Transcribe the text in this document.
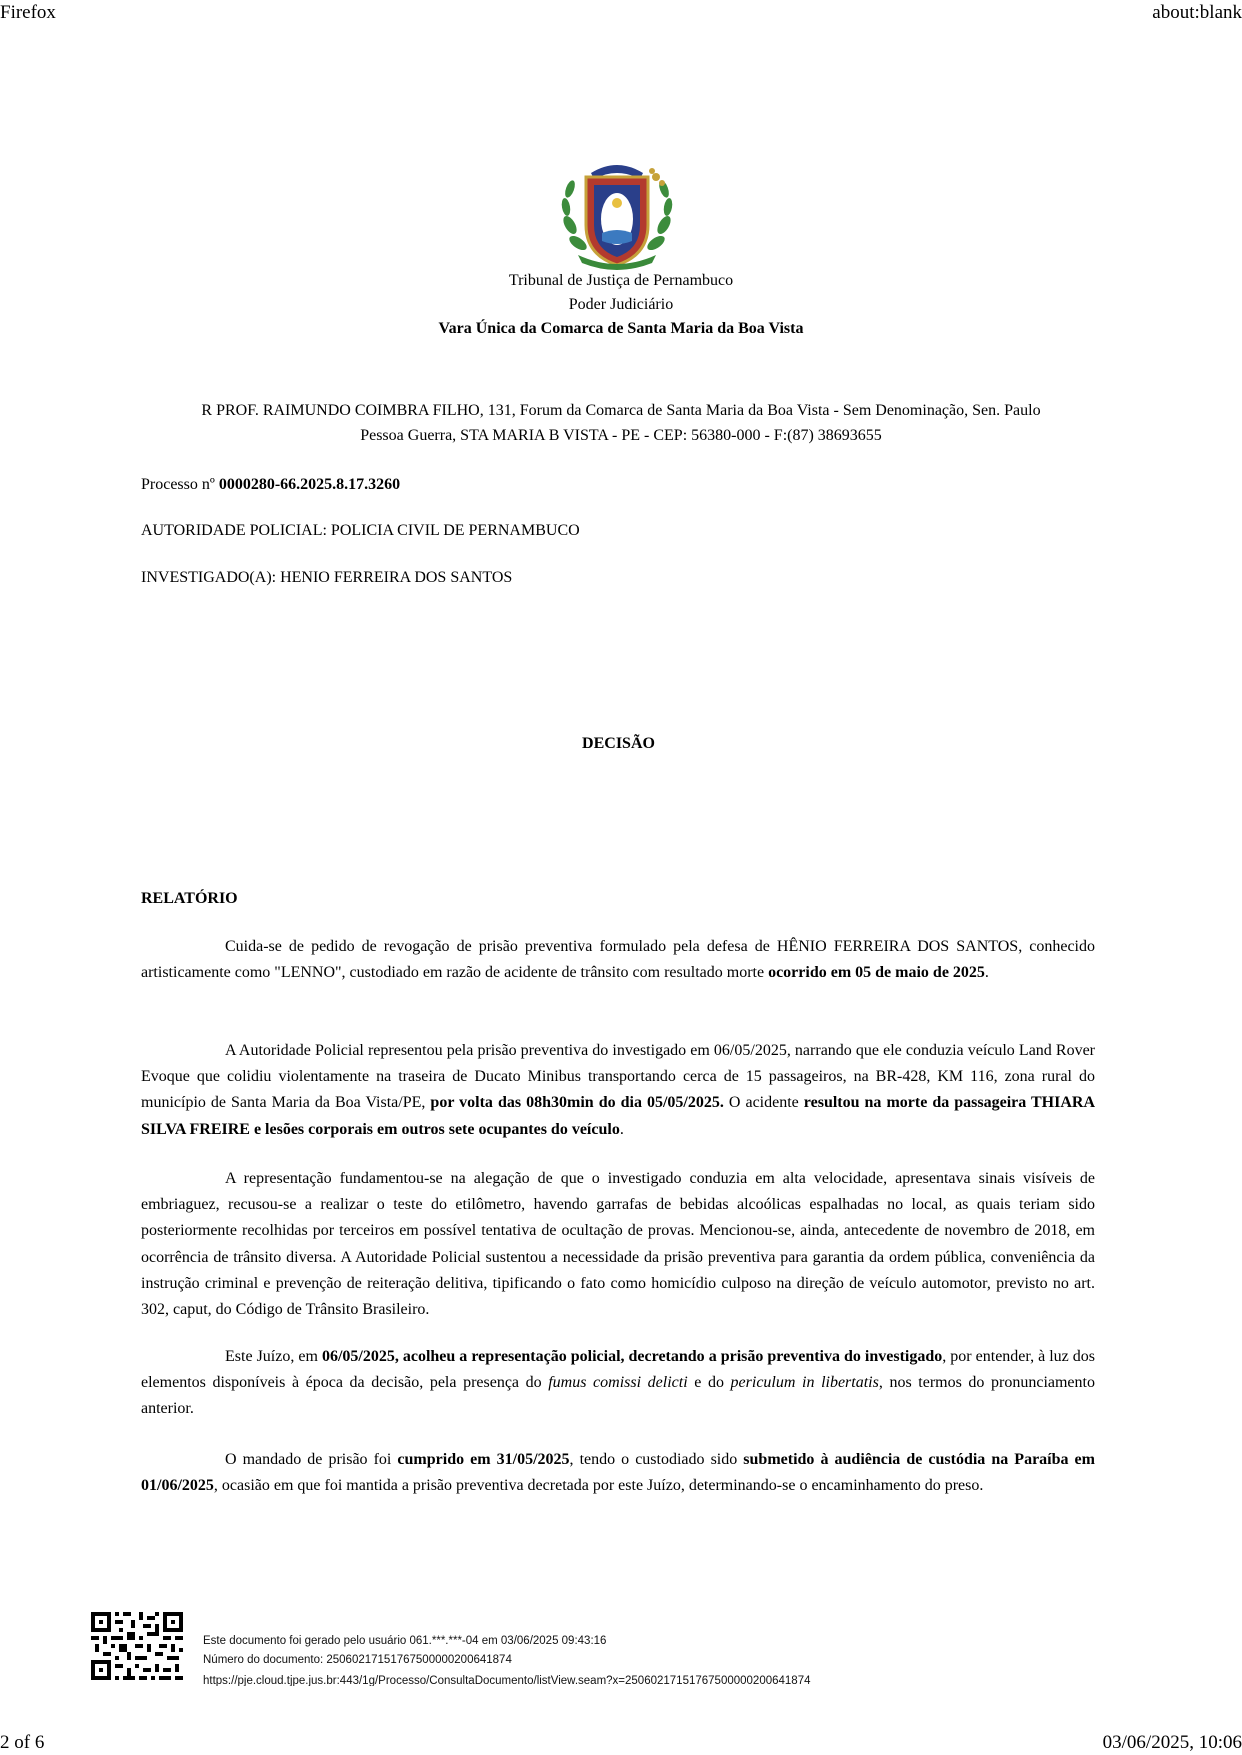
Firefox	about:blank
2 of 6	03/06/2025, 10:06
Tribunal de Justiça de Pernambuco
Poder Judiciário
Vara Única da Comarca de Santa Maria da Boa Vista
R PROF. RAIMUNDO COIMBRA FILHO, 131, Forum da Comarca de Santa Maria da Boa Vista - Sem Denominação, Sen. Paulo
Pessoa Guerra, STA MARIA B VISTA - PE - CEP: 56380-000 - F:(87) 38693655
Processo nº 0000280-66.2025.8.17.3260
AUTORIDADE POLICIAL: POLICIA CIVIL DE PERNAMBUCO
INVESTIGADO(A): HENIO FERREIRA DOS SANTOS
DECISÃO
RELATÓRIO
Cuida-se de pedido de revogação de prisão preventiva formulado pela defesa de HÊNIO FERREIRA DOS SANTOS, conhecido artisticamente como "LENNO", custodiado em razão de acidente de trânsito com resultado morte ocorrido em 05 de maio de 2025.
A Autoridade Policial representou pela prisão preventiva do investigado em 06/05/2025, narrando que ele conduzia veículo Land Rover Evoque que colidiu violentamente na traseira de Ducato Minibus transportando cerca de 15 passageiros, na BR-428, KM 116, zona rural do município de Santa Maria da Boa Vista/PE, por volta das 08h30min do dia 05/05/2025. O acidente resultou na morte da passageira THIARA SILVA FREIRE e lesões corporais em outros sete ocupantes do veículo.
A representação fundamentou-se na alegação de que o investigado conduzia em alta velocidade, apresentava sinais visíveis de embriaguez, recusou-se a realizar o teste do etilômetro, havendo garrafas de bebidas alcoólicas espalhadas no local, as quais teriam sido posteriormente recolhidas por terceiros em possível tentativa de ocultação de provas. Mencionou-se, ainda, antecedente de novembro de 2018, em ocorrência de trânsito diversa. A Autoridade Policial sustentou a necessidade da prisão preventiva para garantia da ordem pública, conveniência da instrução criminal e prevenção de reiteração delitiva, tipificando o fato como homicídio culposo na direção de veículo automotor, previsto no art. 302, caput, do Código de Trânsito Brasileiro.
Este Juízo, em 06/05/2025, acolheu a representação policial, decretando a prisão preventiva do investigado, por entender, à luz dos elementos disponíveis à época da decisão, pela presença do fumus comissi delicti e do periculum in libertatis, nos termos do pronunciamento anterior.
O mandado de prisão foi cumprido em 31/05/2025, tendo o custodiado sido submetido à audiência de custódia na Paraíba em 01/06/2025, ocasião em que foi mantida a prisão preventiva decretada por este Juízo, determinando-se o encaminhamento do preso.
Este documento foi gerado pelo usuário 061.***.***-04 em 03/06/2025 09:43:16
Número do documento: 25060217151767500000200641874
https://pje.cloud.tjpe.jus.br:443/1g/Processo/ConsultaDocumento/listView.seam?x=25060217151767500000200641874
